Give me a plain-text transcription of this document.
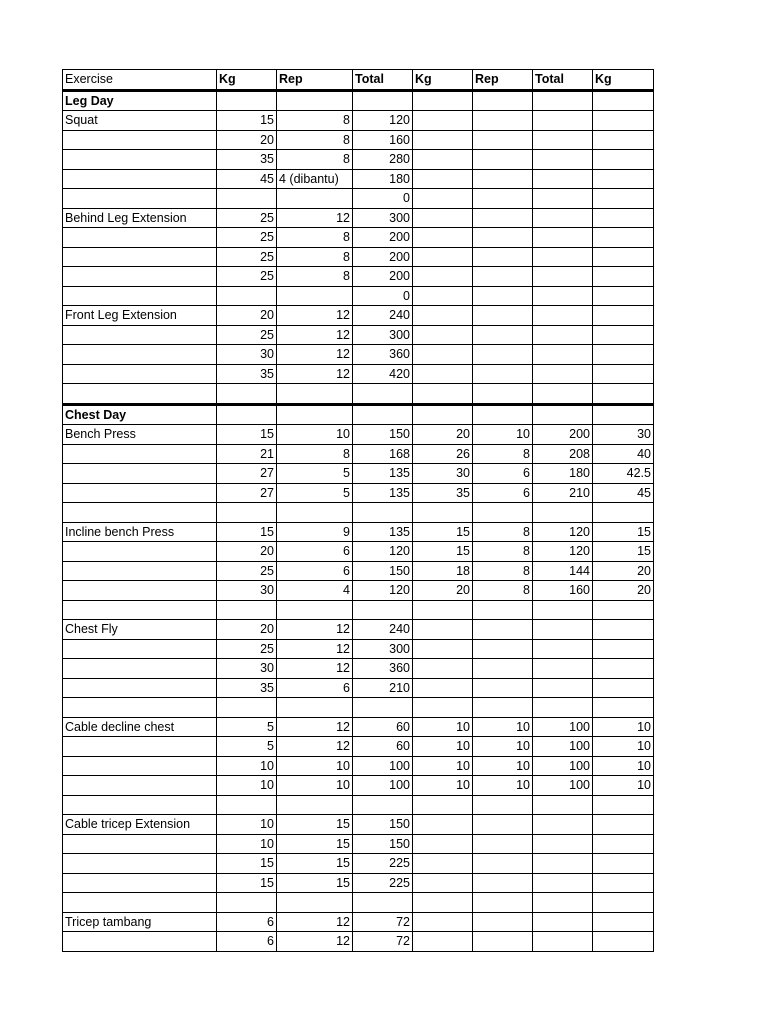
Exercise	Kg	Rep	Total	Kg	Rep	Total	Kg
Leg Day							
Squat	15	8	120				
	20	8	160				
	35	8	280				
	45	4 (dibantu)	180				
			0				
Behind Leg Extension	25	12	300				
	25	8	200				
	25	8	200				
	25	8	200				
			0				
Front Leg Extension	20	12	240				
	25	12	300				
	30	12	360				
	35	12	420				

Chest Day							
Bench Press	15	10	150	20	10	200	30
	21	8	168	26	8	208	40
	27	5	135	30	6	180	42.5
	27	5	135	35	6	210	45

Incline bench Press	15	9	135	15	8	120	15
	20	6	120	15	8	120	15
	25	6	150	18	8	144	20
	30	4	120	20	8	160	20

Chest Fly	20	12	240				
	25	12	300				
	30	12	360				
	35	6	210				

Cable decline chest	5	12	60	10	10	100	10
	5	12	60	10	10	100	10
	10	10	100	10	10	100	10
	10	10	100	10	10	100	10

Cable tricep Extension	10	15	150				
	10	15	150				
	15	15	225				
	15	15	225				

Tricep tambang	6	12	72				
	6	12	72				
